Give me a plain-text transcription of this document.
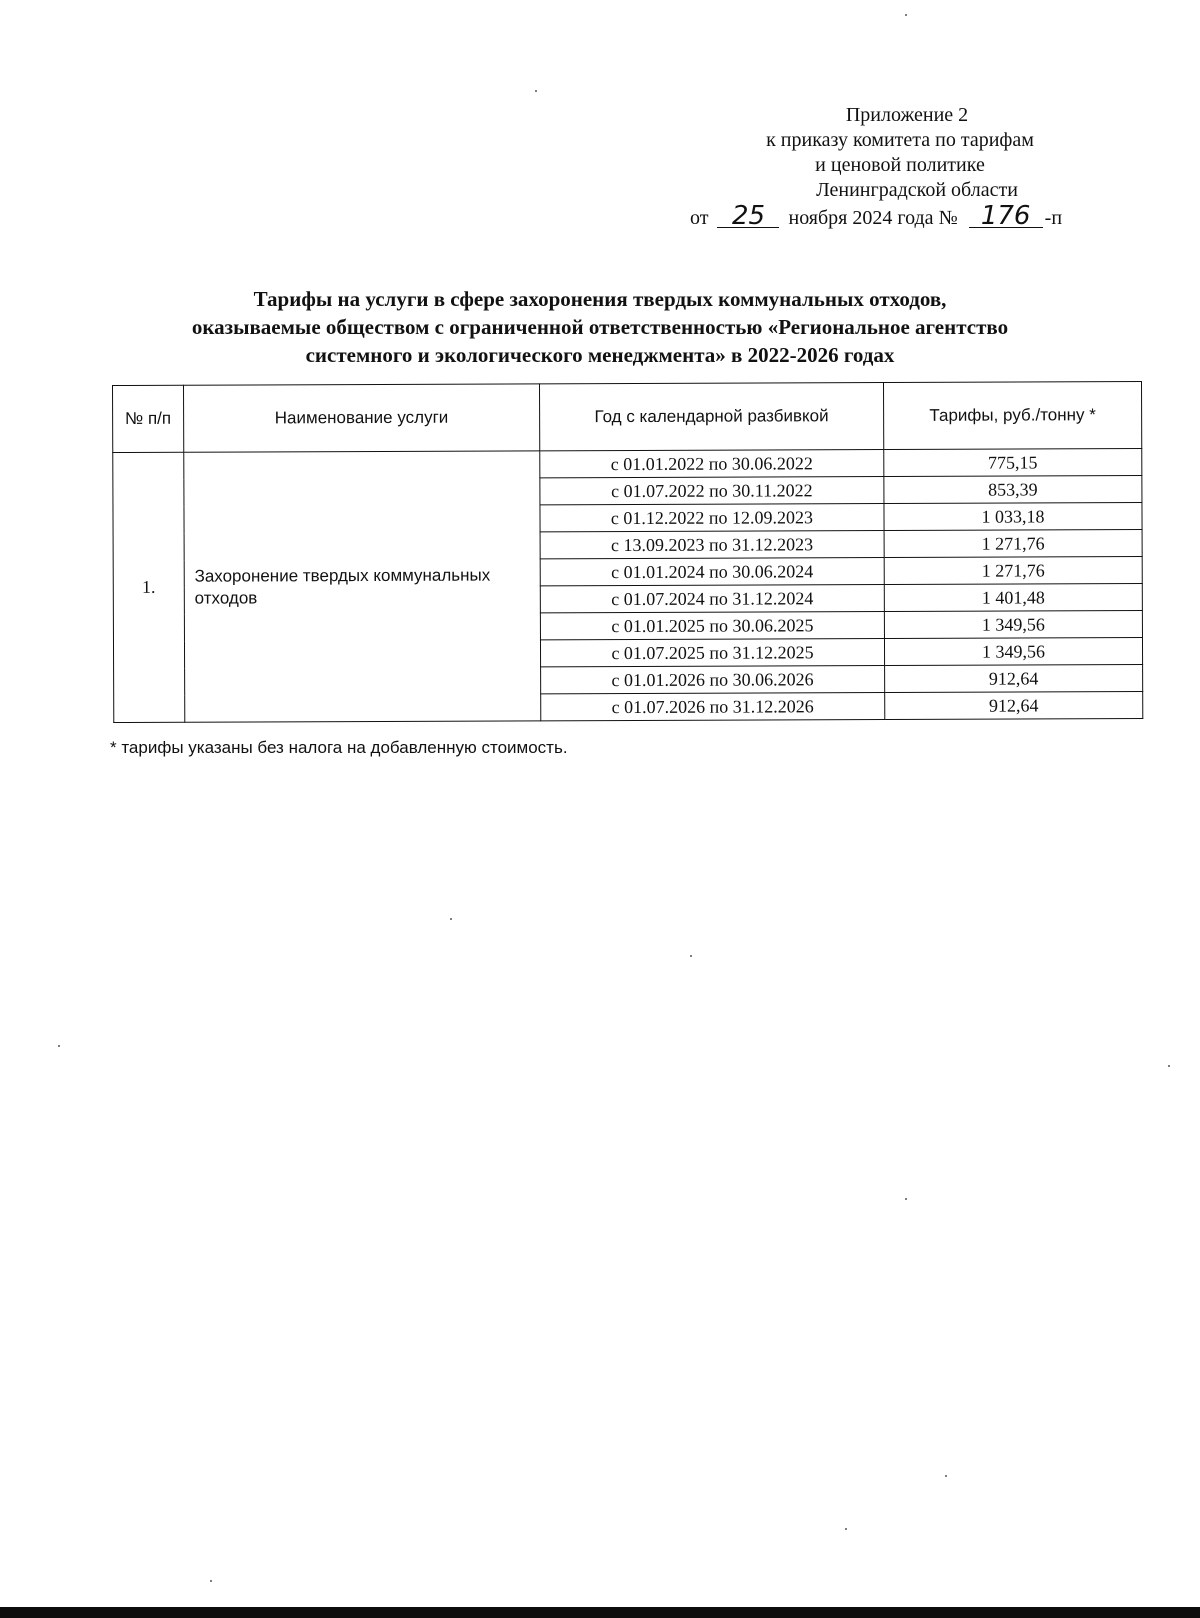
Приложение 2
к приказу комитета по тарифам
и ценовой политике
Ленинградской области
от 25 ноября 2024 года № 176 -п
Тарифы на услуги в сфере захоронения твердых коммунальных отходов,
оказываемые обществом с ограниченной ответственностью «Региональное агентство
системного и экологического менеджмента» в 2022-2026 годах
№ п/п	Наименование услуги	Год с календарной разбивкой	Тарифы, руб./тонну *
1.	Захоронение твердых коммунальных отходов	с 01.01.2022 по 30.06.2022	775,15
		с 01.07.2022 по 30.11.2022	853,39
		с 01.12.2022 по 12.09.2023	1 033,18
		с 13.09.2023 по 31.12.2023	1 271,76
		с 01.01.2024 по 30.06.2024	1 271,76
		с 01.07.2024 по 31.12.2024	1 401,48
		с 01.01.2025 по 30.06.2025	1 349,56
		с 01.07.2025 по 31.12.2025	1 349,56
		с 01.01.2026 по 30.06.2026	912,64
		с 01.07.2026 по 31.12.2026	912,64
* тарифы указаны без налога на добавленную стоимость.
